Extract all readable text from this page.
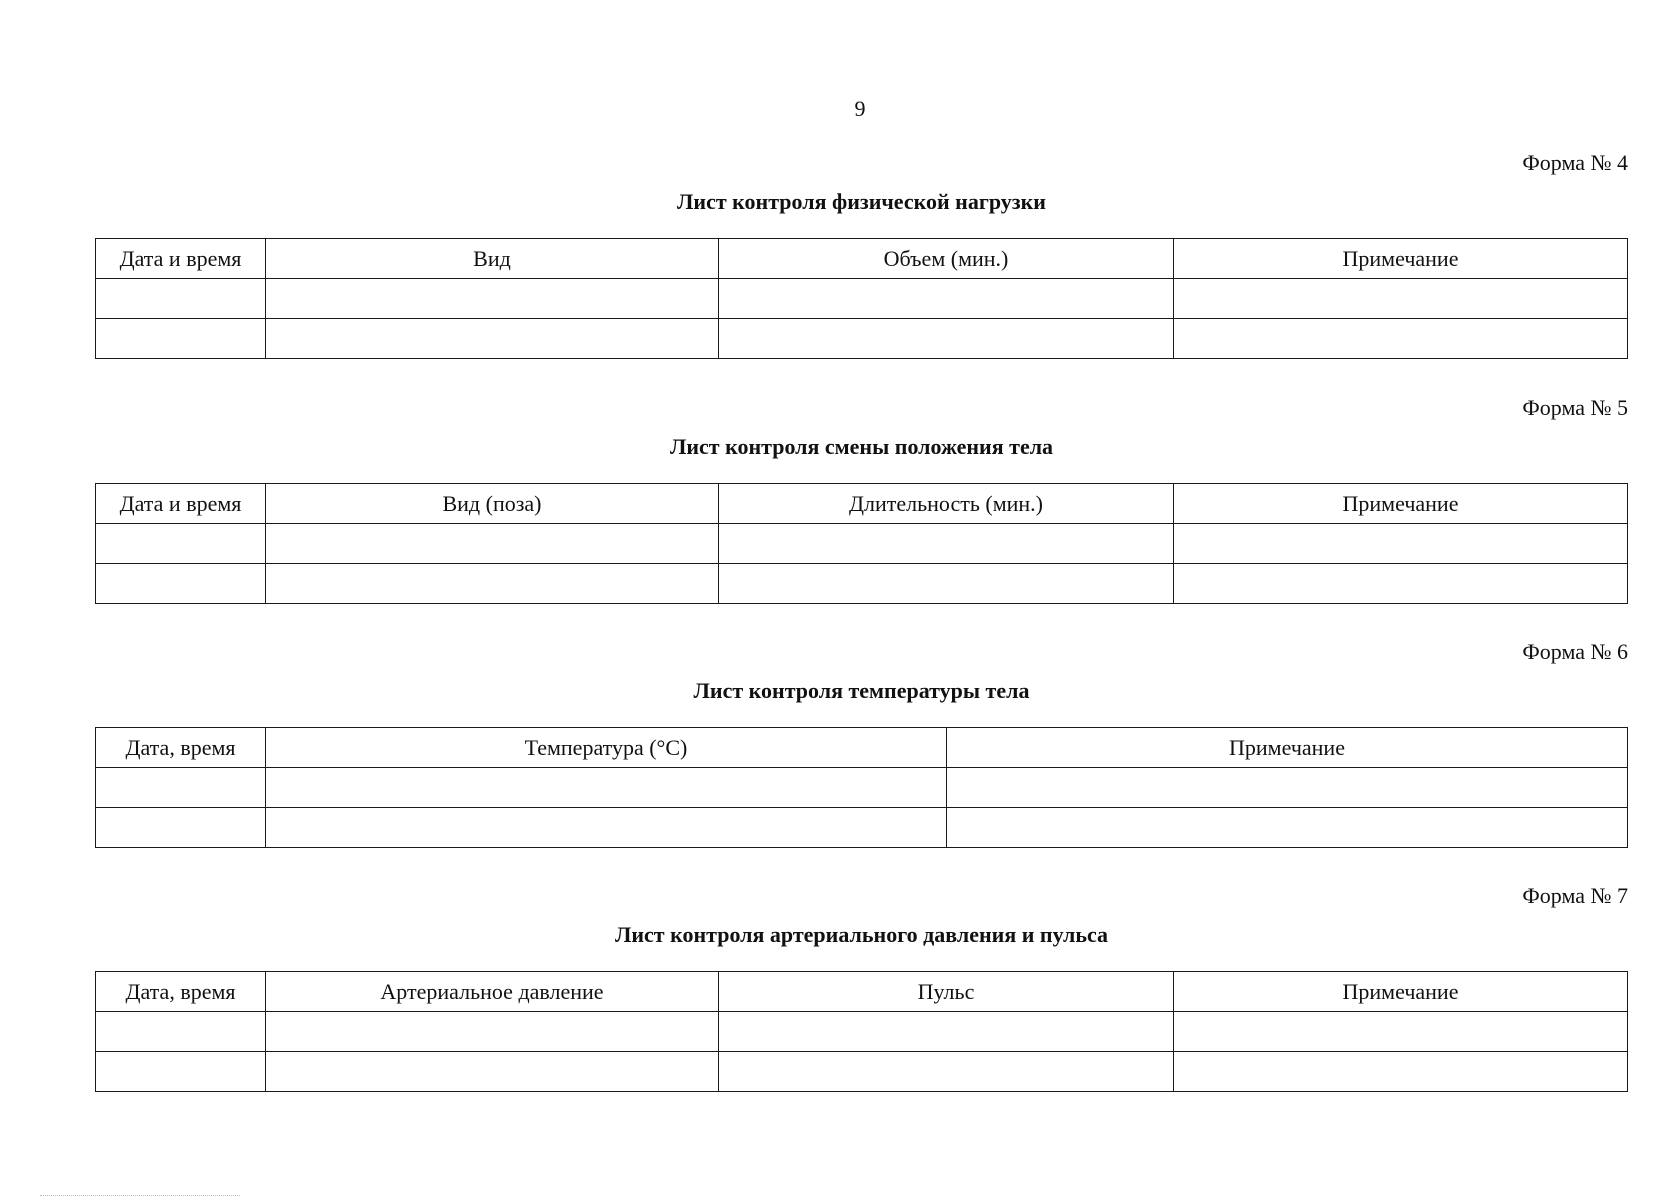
9
Форма № 4
Лист контроля физической нагрузки
Дата и время	Вид	Объем (мин.)	Примечание

Форма № 5
Лист контроля смены положения тела
Дата и время	Вид (поза)	Длительность (мин.)	Примечание

Форма № 6
Лист контроля температуры тела
Дата, время	Температура (°С)	Примечание

Форма № 7
Лист контроля артериального давления и пульса
Дата, время	Артериальное давление	Пульс	Примечание
